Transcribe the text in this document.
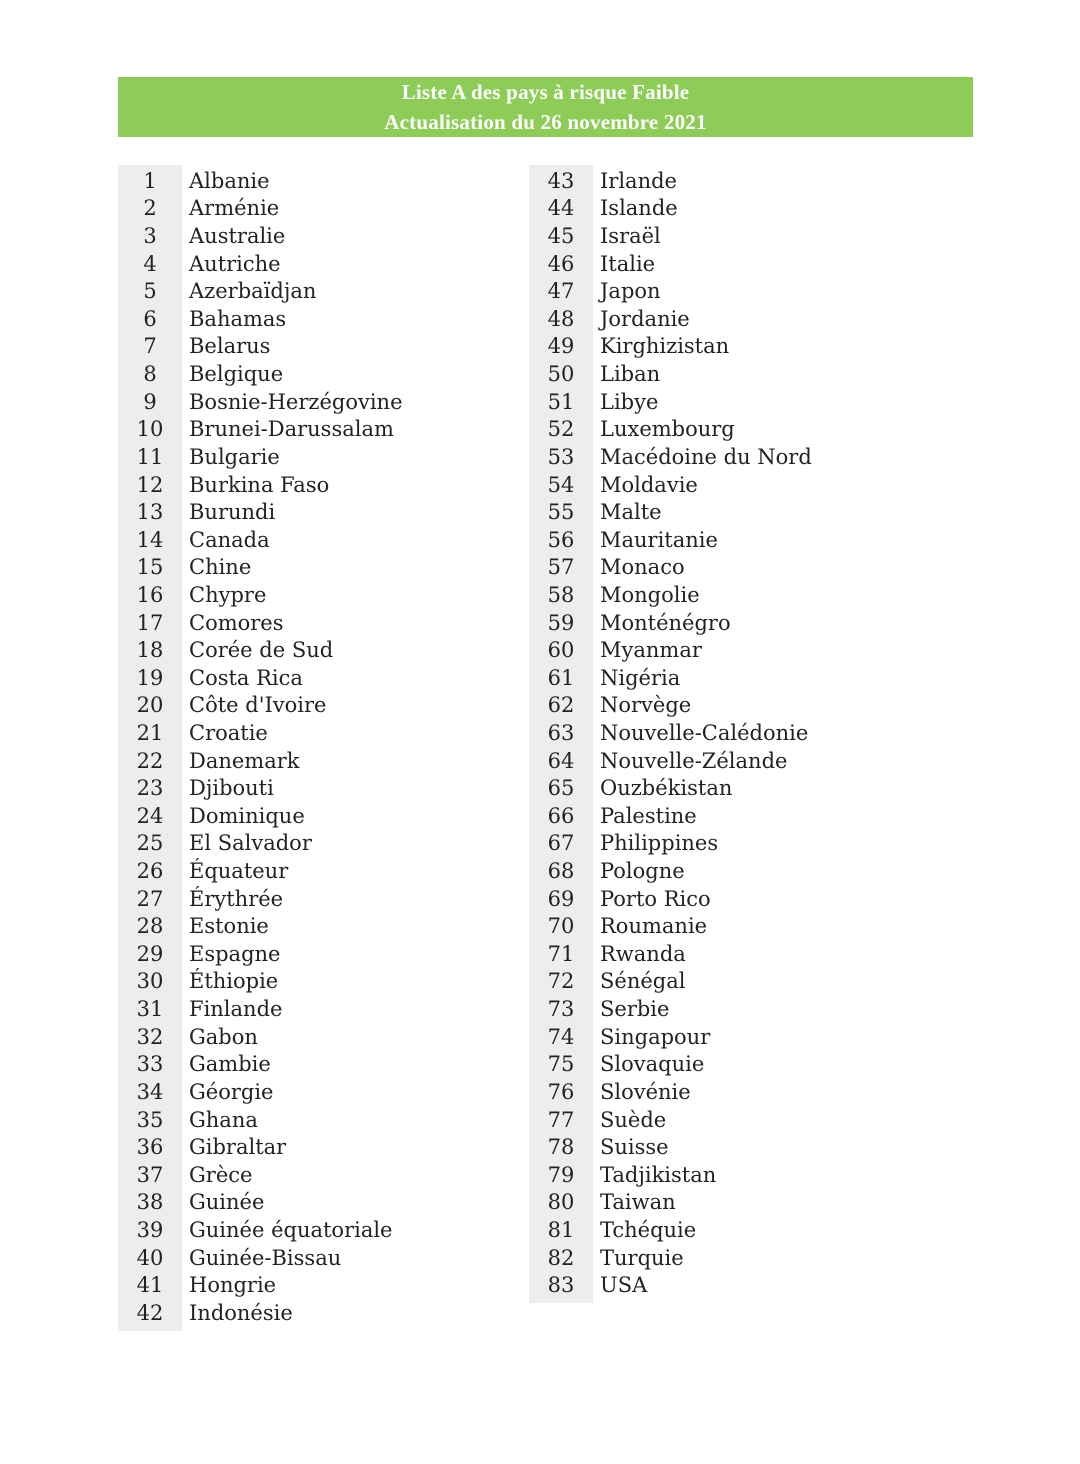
Liste A des pays à risque Faible
Actualisation du 26 novembre 2021
1	Albanie
2	Arménie
3	Australie
4	Autriche
5	Azerbaïdjan
6	Bahamas
7	Belarus
8	Belgique
9	Bosnie-Herzégovine
10	Brunei-Darussalam
11	Bulgarie
12	Burkina Faso
13	Burundi
14	Canada
15	Chine
16	Chypre
17	Comores
18	Corée de Sud
19	Costa Rica
20	Côte d'Ivoire
21	Croatie
22	Danemark
23	Djibouti
24	Dominique
25	El Salvador
26	Équateur
27	Érythrée
28	Estonie
29	Espagne
30	Éthiopie
31	Finlande
32	Gabon
33	Gambie
34	Géorgie
35	Ghana
36	Gibraltar
37	Grèce
38	Guinée
39	Guinée équatoriale
40	Guinée-Bissau
41	Hongrie
42	Indonésie
43	Irlande
44	Islande
45	Israël
46	Italie
47	Japon
48	Jordanie
49	Kirghizistan
50	Liban
51	Libye
52	Luxembourg
53	Macédoine du Nord
54	Moldavie
55	Malte
56	Mauritanie
57	Monaco
58	Mongolie
59	Monténégro
60	Myanmar
61	Nigéria
62	Norvège
63	Nouvelle-Calédonie
64	Nouvelle-Zélande
65	Ouzbékistan
66	Palestine
67	Philippines
68	Pologne
69	Porto Rico
70	Roumanie
71	Rwanda
72	Sénégal
73	Serbie
74	Singapour
75	Slovaquie
76	Slovénie
77	Suède
78	Suisse
79	Tadjikistan
80	Taiwan
81	Tchéquie
82	Turquie
83	USA
